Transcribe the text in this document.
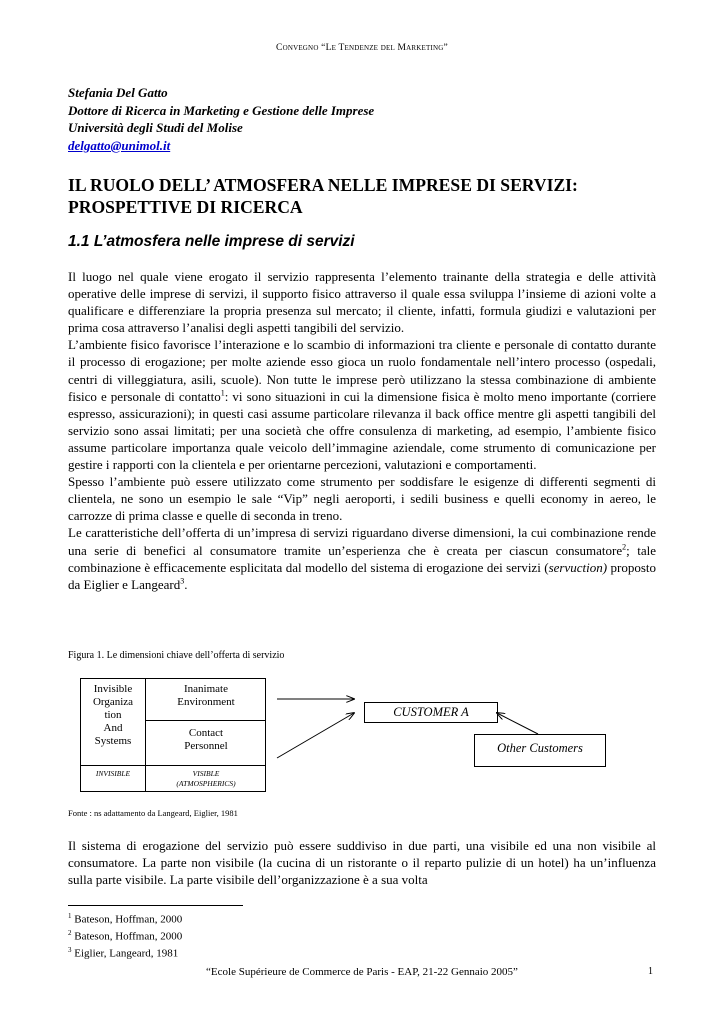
Convegno “Le Tendenze del Marketing”
Stefania Del Gatto
Dottore di Ricerca in Marketing e Gestione delle Imprese
Università degli Studi del Molise
delgatto@unimol.it
IL RUOLO DELL’ ATMOSFERA NELLE IMPRESE DI SERVIZI:
PROSPETTIVE DI RICERCA
1.1 L’atmosfera nelle imprese di servizi

Il luogo nel quale viene erogato il servizio rappresenta l’elemento trainante della strategia e delle attività operative delle imprese di servizi, il supporto fisico attraverso il quale essa sviluppa l’insieme di azioni volte a qualificare e differenziare la propria presenza sul mercato; il cliente, infatti, formula giudizi e valutazioni per prima cosa attraverso l’analisi degli aspetti tangibili del servizio.

L’ambiente fisico favorisce l’interazione e lo scambio di informazioni tra cliente e personale di contatto durante il processo di erogazione; per molte aziende esso gioca un ruolo fondamentale nell’intero processo (ospedali, centri di villeggiatura, asili, scuole). Non tutte le imprese però utilizzano la stessa combinazione di ambiente fisico e personale di contatto$^1$: vi sono situazioni in cui la dimensione fisica è molto meno importante (corriere espresso, assicurazioni); in questi casi assume particolare rilevanza il back office mentre gli aspetti tangibili del servizio sono assai limitati; per una società che offre consulenza di marketing, ad esempio, l’ambiente fisico assume particolare importanza quale veicolo dell’immagine aziendale, come strumento di comunicazione per gestire i rapporti con la clientela e per orientarne percezioni, valutazioni e comportamenti.

Spesso l’ambiente può essere utilizzato come strumento per soddisfare le esigenze di differenti segmenti di clientela, ne sono un esempio le sale “Vip” negli aeroporti, i sedili business e quelli economy in aereo, le carrozze di prima classe e quelle di seconda in treno.

Le caratteristiche dell’offerta di un’impresa di servizi riguardano diverse dimensioni, la cui combinazione rende una serie di benefici al consumatore tramite un’esperienza che è creata per ciascun consumatore$^2$; tale combinazione è efficacemente esplicitata dal modello del sistema di erogazione dei servizi (servuction) proposto da Eiglier e Langeard$^3$.

Figura 1. Le dimensioni chiave dell’offerta di servizio
Invisible
Organiza
tion
And
Systems
Inanimate
Environment
Contact
Personnel
INVISIBLE	VISIBLE
(ATMOSPHERICS)
CUSTOMER A
Other Customers
Fonte : ns adattamento da Langeard, Eiglier, 1981

Il sistema di erogazione del servizio può essere suddiviso in due parti, una visibile ed una non visibile al consumatore. La parte non visibile (la cucina di un ristorante o il reparto pulizie di un hotel) ha un’influenza sulla parte visibile. La parte visibile dell’organizzazione è a sua volta

$^1$ Bateson, Hoffman, 2000
$^2$ Bateson, Hoffman, 2000
$^3$ Eiglier, Langeard, 1981
“Ecole Supérieure de Commerce de Paris - EAP, 21-22 Gennaio 2005”	1
